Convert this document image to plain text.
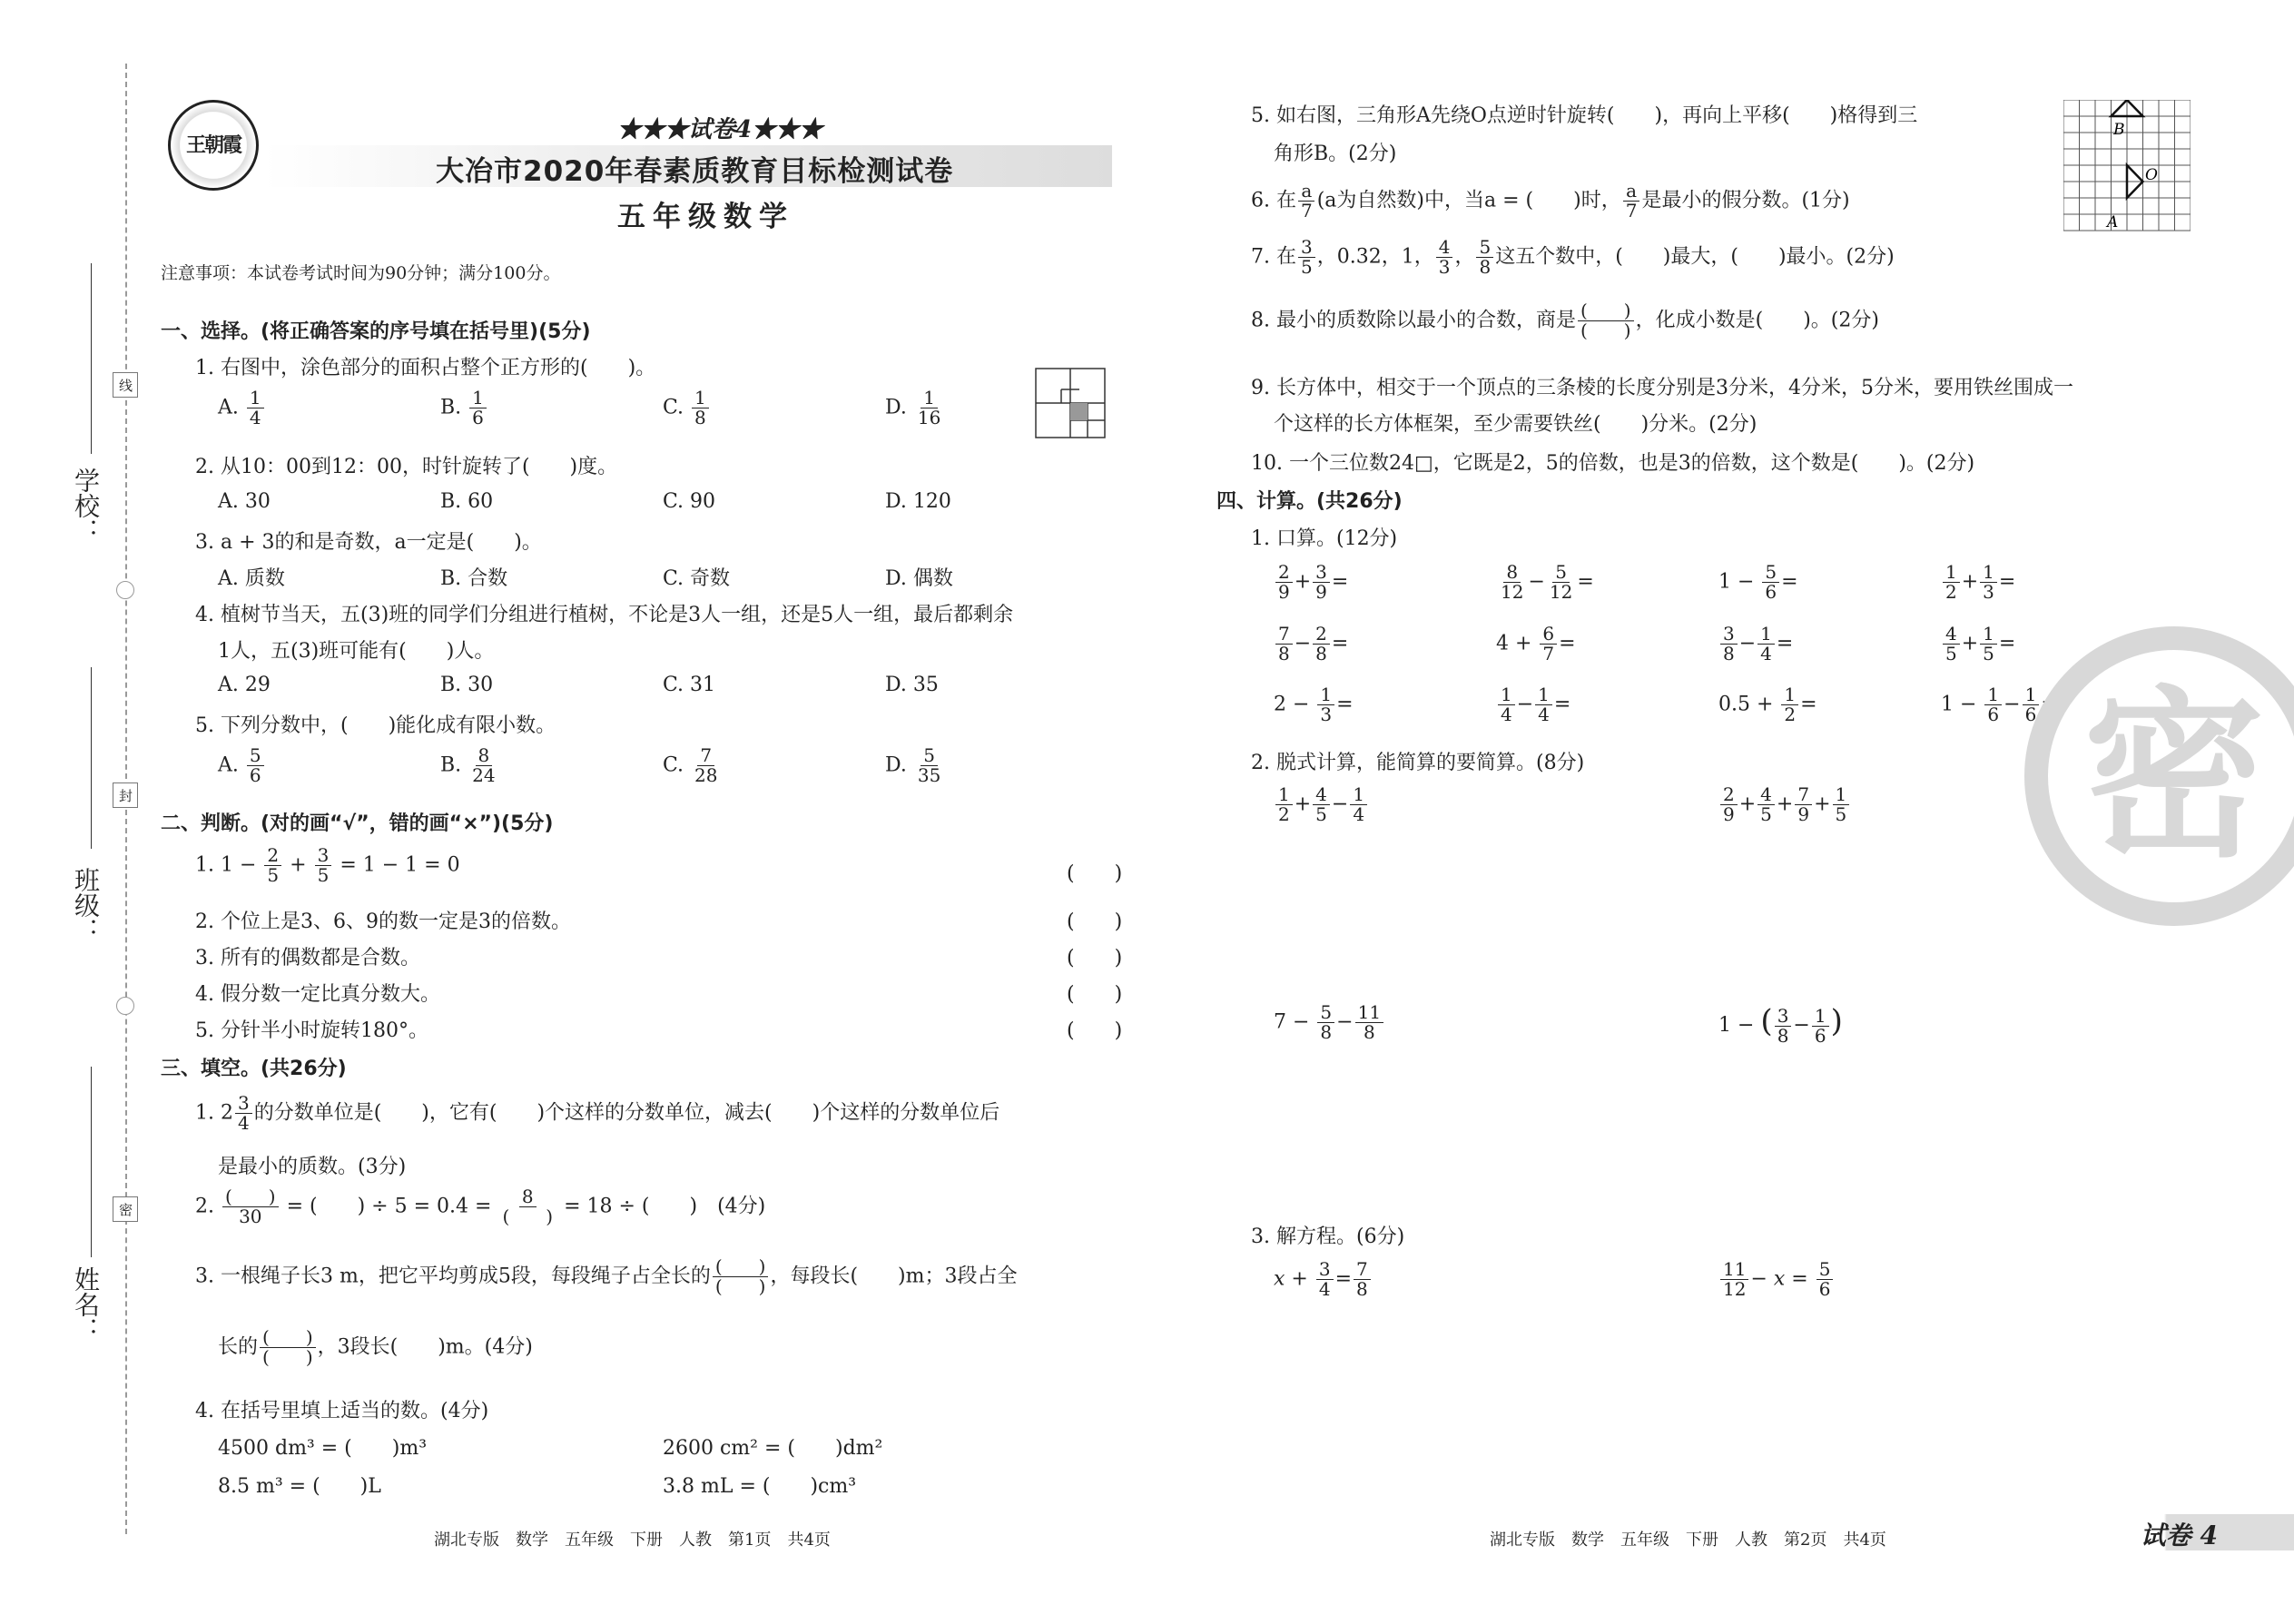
线
封
密
学校：
班级：
姓名：
王朝霞
★★★试卷4★★★
大冶市2020年春素质教育目标检测试卷
五年级数学
注意事项：本试卷考试时间为90分钟；满分100分。
一、选择。(将正确答案的序号填在括号里)(5分)
1. 右图中，涂色部分的面积占整个正方形的(　　)。
A. $\frac{1}{4}$	B. $\frac{1}{6}$	C. $\frac{1}{8}$	D. $\frac{1}{16}$
2. 从10：00到12：00，时针旋转了(　　)度。
A. 30	B. 60	C. 90	D. 120
3. a + 3的和是奇数，a一定是(　　)。
A. 质数	B. 合数	C. 奇数	D. 偶数
4. 植树节当天，五(3)班的同学们分组进行植树，不论是3人一组，还是5人一组，最后都剩余
1人，五(3)班可能有(　　)人。
A. 29	B. 30	C. 31	D. 35
5. 下列分数中，(　　)能化成有限小数。
A. $\frac{5}{6}$	B. $\frac{8}{24}$	C. $\frac{7}{28}$	D. $\frac{5}{35}$
二、判断。(对的画“√”，错的画“×”)(5分)
1. $1 - \frac{2}{5} + \frac{3}{5} = 1 - 1 = 0$	(　　)
2. 个位上是3、6、9的数一定是3的倍数。	(　　)
3. 所有的偶数都是合数。	(　　)
4. 假分数一定比真分数大。	(　　)
5. 分针半小时旋转180°。	(　　)
三、填空。(共26分)
1. $2 \frac{3}{4}$ 的分数单位是(　　)，它有(　　)个这样的分数单位，减去(　　)个这样的分数单位后
是最小的质数。(3分)
2. $\frac{( )}{30}$ = (　　) ÷ $5 = 0.4 = \frac{8}{( )} = 18$ ÷ (　　)　(4分)
3. 一根绳子长3 m，把它平均剪成5段，每段绳子占全长的 $\frac{( )}{( )}$ ，每段长(　　)m；3段占全
长的 $\frac{( )}{( )}$ ，3段长(　　)m。(4分)
4. 在括号里填上适当的数。(4分)
4500 dm³ = (　　)m³	2600 cm² = (　　)dm²
8.5 m³ = (　　)L	3.8 mL = (　　)cm³
湖北专版　数学　五年级　下册　人教　第1页　共4页
5. 如右图，三角形A先绕O点逆时针旋转(　　)，再向上平移(　　)格得到三
角形B。(2分)
B
O
A
6. 在 $\frac{a}{7} (a$为自然数)中，当a = (　　)时， $\frac{a}{7}$ 是最小的假分数。(1分)
7. 在 $\frac{3}{5}$ ，0.32，1， $\frac{4}{3}$ ， $\frac{5}{8}$ 这五个数中，(　　)最大，(　　)最小。(2分)
8. 最小的质数除以最小的合数，商是 $\frac{( )}{( )}$ ，化成小数是(　　)。(2分)
9. 长方体中，相交于一个顶点的三条棱的长度分别是3分米，4分米，5分米，要用铁丝围成一
个这样的长方体框架，至少需要铁丝(　　)分米。(2分)
10. 一个三位数24□，它既是2，5的倍数，也是3的倍数，这个数是(　　)。(2分)
四、计算。(共26分)
1. 口算。(12分)
$\frac{2}{9} + \frac{3}{9}$ =	$\frac{8}{12} - \frac{5}{12}$ =	$1 - \frac{5}{6}$ =	$\frac{1}{2} + \frac{1}{3}$ =
$\frac{7}{8} - \frac{2}{8}$ =	$4 + \frac{6}{7}$ =	$\frac{3}{8} - \frac{1}{4}$ =	$\frac{4}{5} + \frac{1}{5}$ =
$2 - \frac{1}{3}$ =	$\frac{1}{4} - \frac{1}{4}$ =	$0.5 + \frac{1}{2}$ =	$1 - \frac{1}{6} - \frac{1}{6}$ =
2. 脱式计算，能简算的要简算。(8分)
$\frac{1}{2} + \frac{4}{5} - \frac{1}{4}$	$\frac{2}{9} + \frac{4}{5} + \frac{7}{9} + \frac{1}{5}$
$7 - \frac{5}{8} - \frac{11}{8}$	1 − ( $\frac{3}{8} - \frac{1}{6}$ )
3. 解方程。(6分)
$x + \frac{3}{4} = \frac{7}{8}$	$\frac{11}{12} - x = \frac{5}{6}$
湖北专版　数学　五年级　下册　人教　第2页　共4页
密
试卷 4
